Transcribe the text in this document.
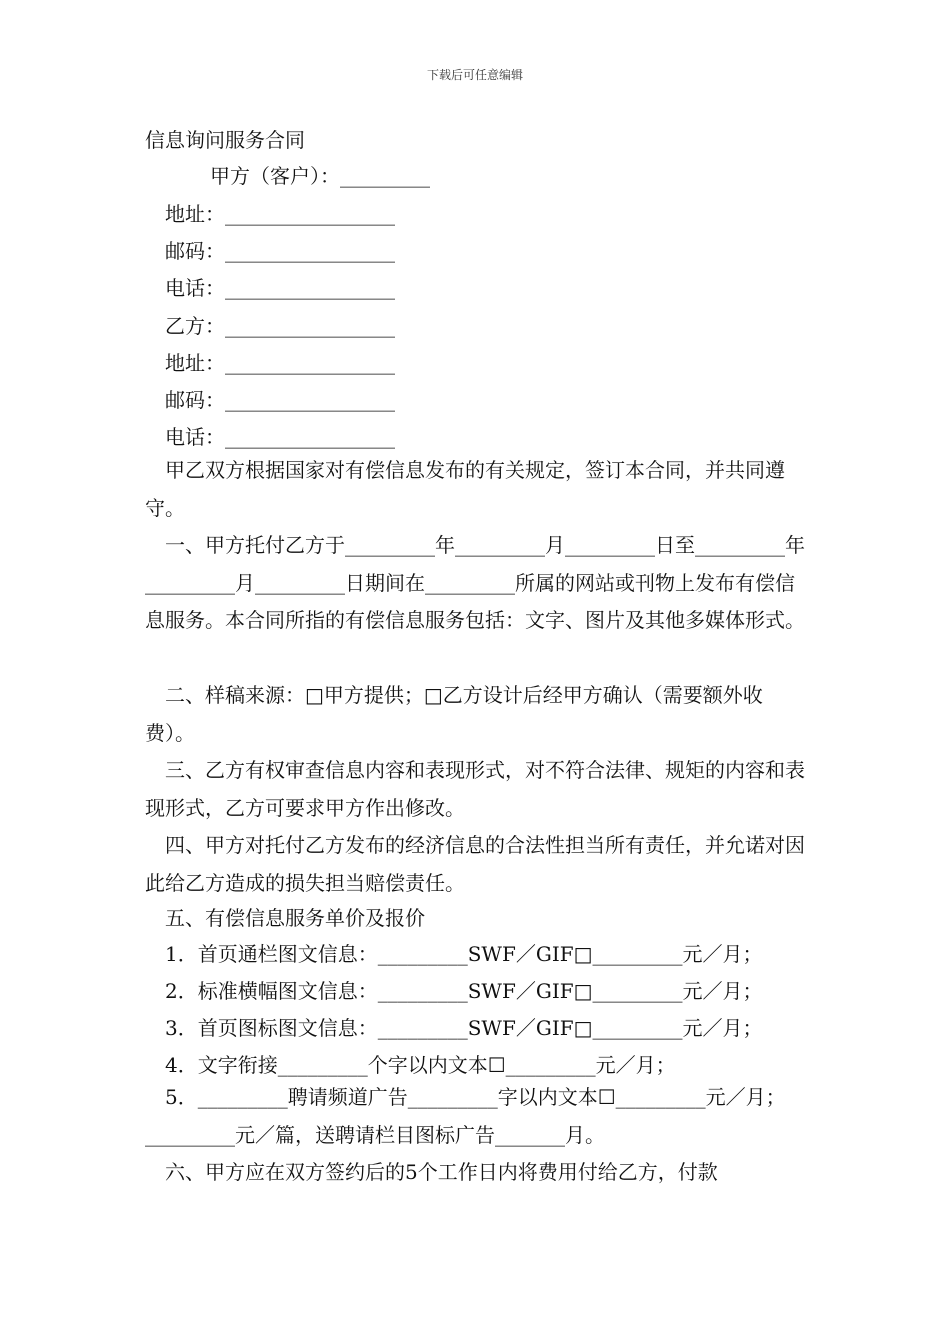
下载后可任意编辑
信息询问服务合同
甲方（客户）：_________
地址：_________________
邮码：_________________
电话：_________________
乙方：_________________
地址：_________________
邮码：_________________
电话：_________________
甲乙双方根据国家对有偿信息发布的有关规定，签订本合同，并共同遵守。
一、甲方托付乙方于_________年_________月_________日至_________年_________月_________日期间在_________所属的网站或刊物上发布有偿信息服务。本合同所指的有偿信息服务包括：文字、图片及其他多媒体形式。
二、样稿来源：□甲方提供；□乙方设计后经甲方确认（需要额外收费）。
三、乙方有权审查信息内容和表现形式，对不符合法律、规矩的内容和表现形式，乙方可要求甲方作出修改。
四、甲方对托付乙方发布的经济信息的合法性担当所有责任，并允诺对因此给乙方造成的损失担当赔偿责任。
五、有偿信息服务单价及报价
1．首页通栏图文信息：_________SWF／GIF□_________元／月；
2．标准横幅图文信息：_________SWF／GIF□_________元／月；
3．首页图标图文信息：_________SWF／GIF□_________元／月；
4．文字衔接_________个字以内文本☐_________元／月；
5．_________聘请频道广告_________字以内文本☐_________元／月；_________元／篇，送聘请栏目图标广告_______月。
六、甲方应在双方签约后的5个工作日内将费用付给乙方，付款
